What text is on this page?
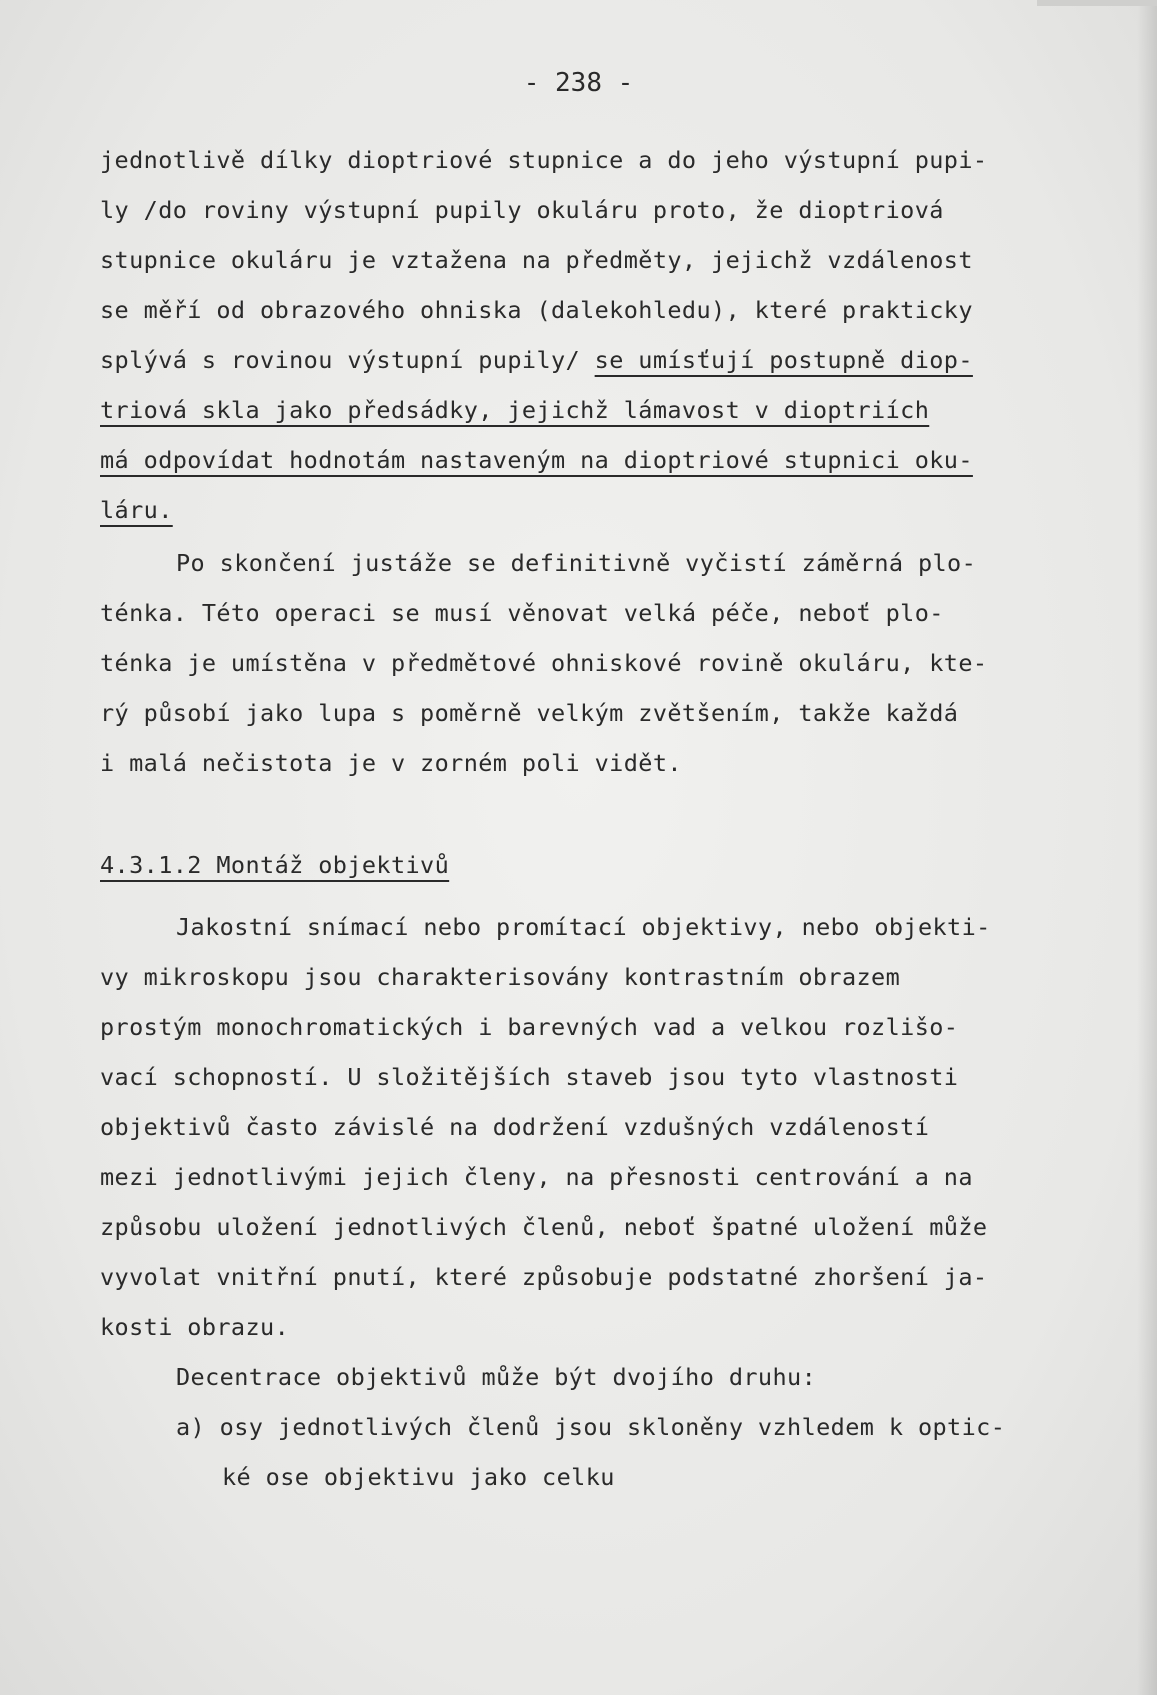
- 238 -
jednotlivě dílky dioptriové stupnice a do jeho výstupní pupi-
ly /do roviny výstupní pupily okuláru proto, že dioptriová
stupnice okuláru je vztažena na předměty, jejichž vzdálenost
se měří od obrazového ohniska (dalekohledu), které prakticky
splývá s rovinou výstupní pupily/ se umísťují postupně diop-
triová skla jako předsádky, jejichž lámavost v dioptriích
má odpovídat hodnotám nastaveným na dioptriové stupnici oku-
láru.
Po skončení justáže se definitivně vyčistí záměrná plo-
ténka. Této operaci se musí věnovat velká péče, neboť plo-
ténka je umístěna v předmětové ohniskové rovině okuláru, kte-
rý působí jako lupa s poměrně velkým zvětšením, takže každá
i malá nečistota je v zorném poli vidět.
4.3.1.2 Montáž objektivů
Jakostní snímací nebo promítací objektivy, nebo objekti-
vy mikroskopu jsou charakterisovány kontrastním obrazem
prostým monochromatických i barevných vad a velkou rozlišo-
vací schopností. U složitějších staveb jsou tyto vlastnosti
objektivů často závislé na dodržení vzdušných vzdáleností
mezi jednotlivými jejich členy, na přesnosti centrování a na
způsobu uložení jednotlivých členů, neboť špatné uložení může
vyvolat vnitřní pnutí, které způsobuje podstatné zhoršení ja-
kosti obrazu.
Decentrace objektivů může být dvojího druhu:
a) osy jednotlivých členů jsou skloněny vzhledem k optic-
ké ose objektivu jako celku
